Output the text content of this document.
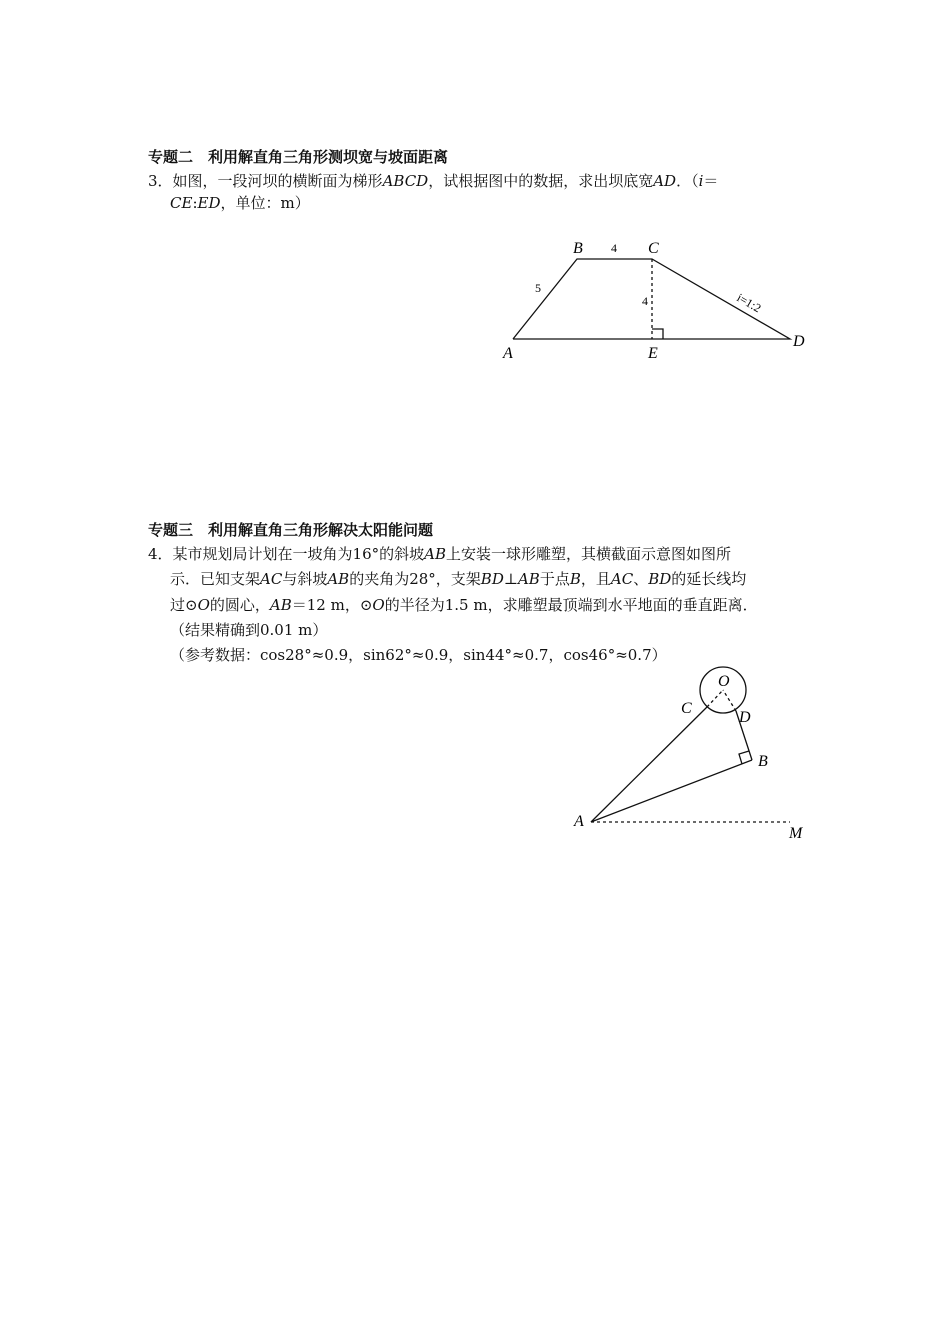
专题二　利用解直角三角形测坝宽与坡面距离
3．如图，一段河坝的横断面为梯形ABCD，试根据图中的数据，求出坝底宽AD．（i＝
CE:ED，单位：m）
B	C
A	E
D
4
5
4	i=1:2
专题三　利用解直角三角形解决太阳能问题
4．某市规划局计划在一坡角为16°的斜坡AB上安装一球形雕塑，其横截面示意图如图所
示．已知支架AC与斜坡AB的夹角为28°，支架BD⊥AB于点B，且AC、BD的延长线均
过⊙O的圆心，AB＝12 m，⊙O的半径为1.5 m，求雕塑最顶端到水平地面的垂直距离．
（结果精确到0.01 m）
（参考数据：cos28°≈0.9，sin62°≈0.9，sin44°≈0.7，cos46°≈0.7）
O
C
D
B
A
M
